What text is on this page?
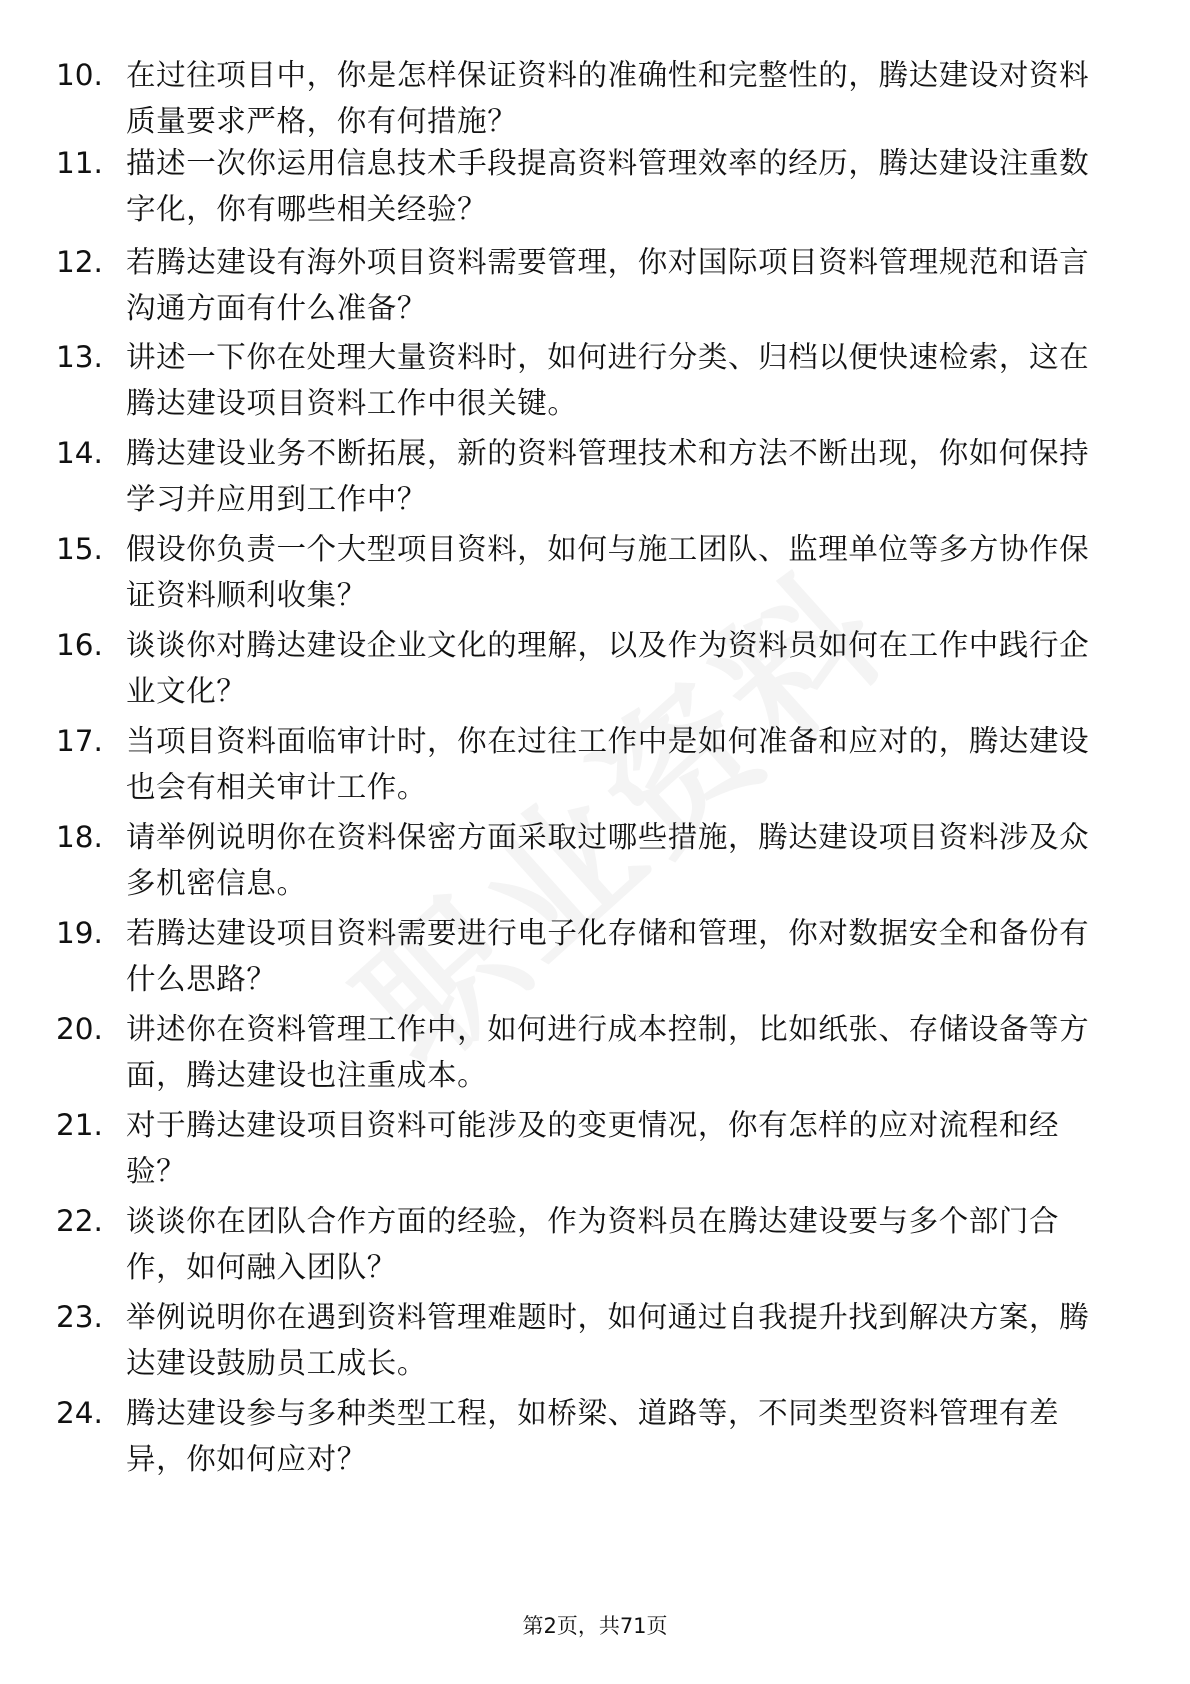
10. 在过往项目中，你是怎样保证资料的准确性和完整性的，腾达建设对资料质量要求严格，你有何措施？
11. 描述一次你运用信息技术手段提高资料管理效率的经历，腾达建设注重数字化，你有哪些相关经验？
12. 若腾达建设有海外项目资料需要管理，你对国际项目资料管理规范和语言沟通方面有什么准备？
13. 讲述一下你在处理大量资料时，如何进行分类、归档以便快速检索，这在腾达建设项目资料工作中很关键。
14. 腾达建设业务不断拓展，新的资料管理技术和方法不断出现，你如何保持学习并应用到工作中？
15. 假设你负责一个大型项目资料，如何与施工团队、监理单位等多方协作保证资料顺利收集？
16. 谈谈你对腾达建设企业文化的理解，以及作为资料员如何在工作中践行企业文化？
17. 当项目资料面临审计时，你在过往工作中是如何准备和应对的，腾达建设也会有相关审计工作。
18. 请举例说明你在资料保密方面采取过哪些措施，腾达建设项目资料涉及众多机密信息。
19. 若腾达建设项目资料需要进行电子化存储和管理，你对数据安全和备份有什么思路？
20. 讲述你在资料管理工作中，如何进行成本控制，比如纸张、存储设备等方面，腾达建设也注重成本。
21. 对于腾达建设项目资料可能涉及的变更情况，你有怎样的应对流程和经验？
22. 谈谈你在团队合作方面的经验，作为资料员在腾达建设要与多个部门合作，如何融入团队？
23. 举例说明你在遇到资料管理难题时，如何通过自我提升找到解决方案，腾达建设鼓励员工成长。
24. 腾达建设参与多种类型工程，如桥梁、道路等，不同类型资料管理有差异，你如何应对？
第2页，共71页
